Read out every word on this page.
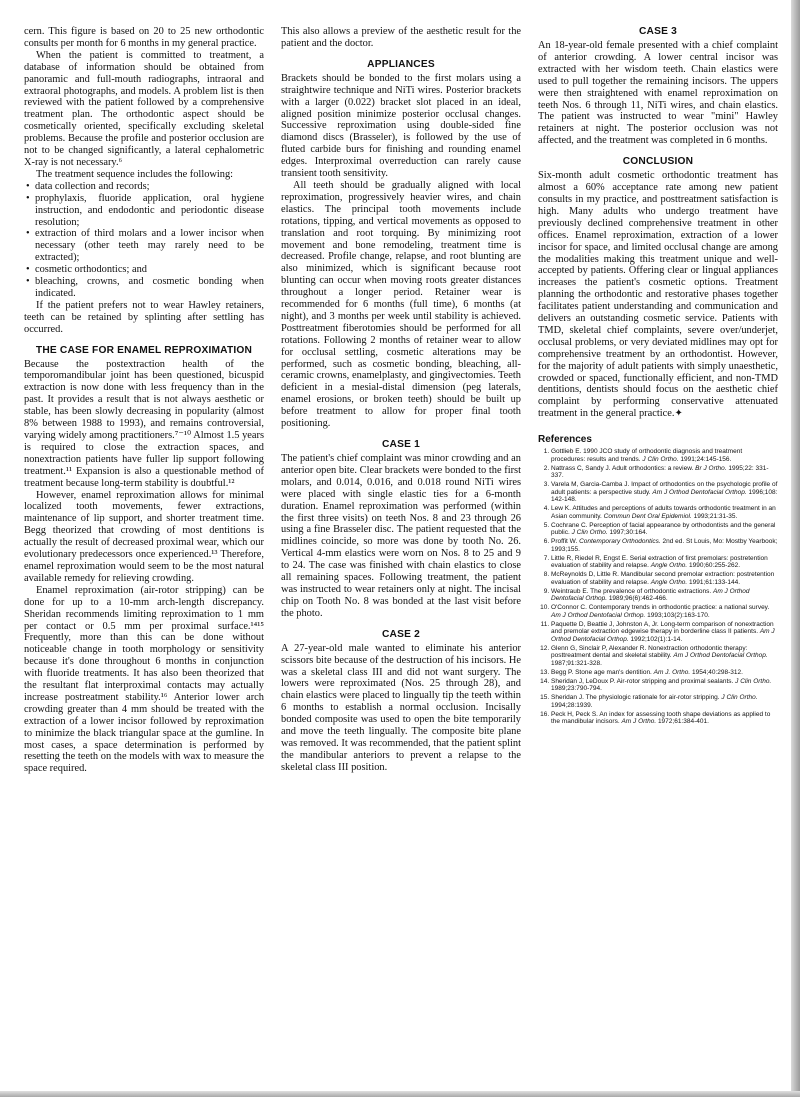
cern. This figure is based on 20 to 25 new orthodontic consults per month for 6 months in my general practice.

When the patient is committed to treatment, a database of information should be obtained from panoramic and full-mouth radiographs, intraoral and extraoral photographs, and models. A problem list is then reviewed with the patient followed by a comprehensive treatment plan. The orthodontic aspect should be cosmetically oriented, specifically excluding skeletal problems. Because the profile and posterior occlusion are not to be changed significantly, a lateral cephalometric X-ray is not necessary.⁶

The treatment sequence includes the following:

• data collection and records;
• prophylaxis, fluoride application, oral hygiene instruction, and endodontic and periodontic disease resolution;
• extraction of third molars and a lower incisor when necessary (other teeth may rarely need to be extracted);
• cosmetic orthodontics; and
• bleaching, crowns, and cosmetic bonding when indicated.

If the patient prefers not to wear Hawley retainers, teeth can be retained by splinting after settling has occurred.

THE CASE FOR ENAMEL REPROXIMATION

Because the postextraction health of the temporomandibular joint has been questioned, bicuspid extraction is now done with less frequency than in the past. It provides a result that is not always aesthetic or stable, has been slowly decreasing in popularity (almost 8% between 1988 to 1993), and remains controversial, varying widely among practitioners.⁷⁻¹⁰ Almost 1.5 years is required to close the extraction spaces, and nonextraction patients have fuller lip support following treatment.¹¹ Expansion is also a questionable method of treatment because long-term stability is doubtful.¹²

However, enamel reproximation allows for minimal localized tooth movements, fewer extractions, maintenance of lip support, and shorter treatment time. Begg theorized that crowding of most dentitions is actually the result of decreased proximal wear, which our evolutionary predecessors once experienced.¹³ Therefore, enamel reproximation would seem to be the most natural available remedy for relieving crowding.

Enamel reproximation (air-rotor stripping) can be done for up to a 10-mm arch-length discrepancy. Sheridan recommends limiting reproximation to 1 mm per contact or 0.5 mm per proximal surface.¹⁴¹⁵ Frequently, more than this can be done without noticeable change in tooth morphology or sensitivity because it's done throughout 6 months in conjunction with fluoride treatments. It has also been theorized that the resultant flat interproximal contacts may actually increase postreatment stability.¹⁶ Anterior lower arch crowding greater than 4 mm should be treated with the extraction of a lower incisor followed by reproximation to minimize the black triangular space at the gumline. In most cases, a space determination is performed by resetting the teeth on the models with wax to measure the space required.

This also allows a preview of the aesthetic result for the patient and the doctor.

APPLIANCES

Brackets should be bonded to the first molars using a straightwire technique and NiTi wires. Posterior brackets with a larger (0.022) bracket slot placed in an ideal, aligned position minimize posterior occlusal changes. Successive reproximation using double-sided fine diamond discs (Brasseler), is followed by the use of fluted carbide burs for finishing and rounding enamel edges. Interproximal overreduction can rarely cause transient tooth sensitivity.

All teeth should be gradually aligned with local reproximation, progressively heavier wires, and chain elastics. The principal tooth movements include rotations, tipping, and vertical movements as opposed to translation and root torquing. By minimizing root movement and bone remodeling, treatment time is decreased. Profile change, relapse, and root blunting are also minimized, which is significant because root blunting can occur when moving roots greater distances throughout a longer period. Retainer wear is recommended for 6 months (full time), 6 months (at night), and 3 months per week until stability is achieved. Posttreatment fiberotomies should be performed for all rotations. Following 2 months of retainer wear to allow for occlusal settling, cosmetic alterations may be performed, such as cosmetic bonding, bleaching, all-ceramic crowns, enamelplasty, and gingivectomies. Teeth deficient in a mesial-distal dimension (peg laterals, enamel erosions, or broken teeth) should be built up before treatment to allow for proper final tooth positioning.

CASE 1

The patient's chief complaint was minor crowding and an anterior open bite. Clear brackets were bonded to the first molars, and 0.014, 0.016, and 0.018 round NiTi wires were placed with single elastic ties for a 6-month duration. Enamel reproximation was performed (within the first three visits) on teeth Nos. 8 and 23 through 26 using a fine Brasseler disc. The patient requested that the midlines coincide, so more was done by tooth No. 26. Vertical 4-mm elastics were worn on Nos. 8 to 25 and 9 to 24. The case was finished with chain elastics to close all remaining spaces. Following treatment, the patient was instructed to wear retainers only at night. The incisal chip on Tooth No. 8 was bonded at the last visit before the photo.

CASE 2

A 27-year-old male wanted to eliminate his anterior scissors bite because of the destruction of his incisors. He was a skeletal class III and did not want surgery. The lowers were reproximated (Nos. 25 through 28), and chain elastics were placed to lingually tip the teeth within 6 months to establish a normal occlusion. Incisally bonded composite was used to open the bite temporarily and move the teeth lingually. The composite bite plane was removed. It was recommended, that the patient splint the mandibular anteriors to prevent a relapse to the skeletal class III position.

CASE 3

An 18-year-old female presented with a chief complaint of anterior crowding. A lower central incisor was extracted with her wisdom teeth. Chain elastics were used to pull together the remaining incisors. The uppers were then straightened with enamel reproximation on teeth Nos. 6 through 11, NiTi wires, and chain elastics. The patient was instructed to wear "mini" Hawley retainers at night. The posterior occlusion was not affected, and the treatment was completed in 6 months.

CONCLUSION

Six-month adult cosmetic orthodontic treatment has almost a 60% acceptance rate among new patient consults in my practice, and posttreatment satisfaction is high. Many adults who undergo treatment have previously declined comprehensive treatment in other offices. Enamel reproximation, extraction of a lower incisor for space, and limited occlusal change are among the modalities making this treatment unique and well-accepted by patients. Offering clear or lingual appliances increases the patient's cosmetic options. Treatment planning the orthodontic and restorative phases together facilitates patient understanding and communication and delivers an outstanding cosmetic service. Patients with TMD, skeletal chief complaints, severe over/underjet, occlusal problems, or very deviated midlines may opt for comprehensive treatment by an orthodontist. However, for the majority of adult patients with simply unaesthetic, crowded or spaced, functionally efficient, and non-TMD dentitions, dentists should focus on the aesthetic chief complaint by performing conservative attenuated treatment in the general practice.✦

References
1. Gottlieb E. 1990 JCO study of orthodontic diagnosis and treatment procedures: results and trends. J Clin Ortho. 1991;24:145-156.
2. Nattrass C, Sandy J. Adult orthodontics: a review. Br J Ortho. 1995;22: 331-337.
3. Varela M, Garcia-Camba J. Impact of orthodontics on the psychologic profile of adult patients: a perspective study. Am J Orthod Dentofacial Orthop. 1996;108: 142-148.
4. Lew K. Attitudes and perceptions of adults towards orthodontic treatment in an Asian community. Commun Dent Oral Epidemiol. 1993;21:31-35.
5. Cochrane C. Perception of facial appearance by orthodontists and the general public. J Clin Ortho. 1997;30:164.
6. Proffit W. Contemporary Orthodontics. 2nd ed. St Louis, Mo: Mostby Yearbook; 1993;155.
7. Little R, Riedel R, Engst E. Serial extraction of first premolars: postretention evaluation of stability and relapse. Angle Ortho. 1990;60:255-262.
8. McReynolds D, Little R. Mandibular second premolar extraction: postretention evaluation of stability and relapse. Angle Ortho. 1991;61:133-144.
9. Weintraub E. The prevalence of orthodontic extractions. Am J Orthod Dentofacial Orthop. 1989;96(6):462-466.
10. O'Connor C. Contemporary trends in orthodontic practice: a national survey. Am J Orthod Dentofacial Orthop. 1993;103(2):163-170.
11. Paquette D, Beattie J, Johnston A, Jr. Long-term comparison of nonextraction and premolar extraction edgewise therapy in borderline class II patients. Am J Orthod Dentofacial Orthop. 1992;102(1):1-14.
12. Glenn G, Sinclair P, Alexander R. Nonextraction orthodontic therapy: posttreatment dental and skeletal stability. Am J Orthod Dentofacial Orthop. 1987;91:321-328.
13. Begg P. Stone age man's dentition. Am J. Ortho. 1954;40:298-312.
14. Sheridan J, LeDoux P. Air-rotor stripping and proximal sealants. J Clin Ortho. 1989;23:790-794.
15. Sheridan J. The physiologic rationale for air-rotor stripping. J Clin Ortho. 1994;28:1939.
16. Peck H, Peck S. An index for assessing tooth shape deviations as applied to the mandibular incisors. Am J Ortho. 1972;61:384-401.
